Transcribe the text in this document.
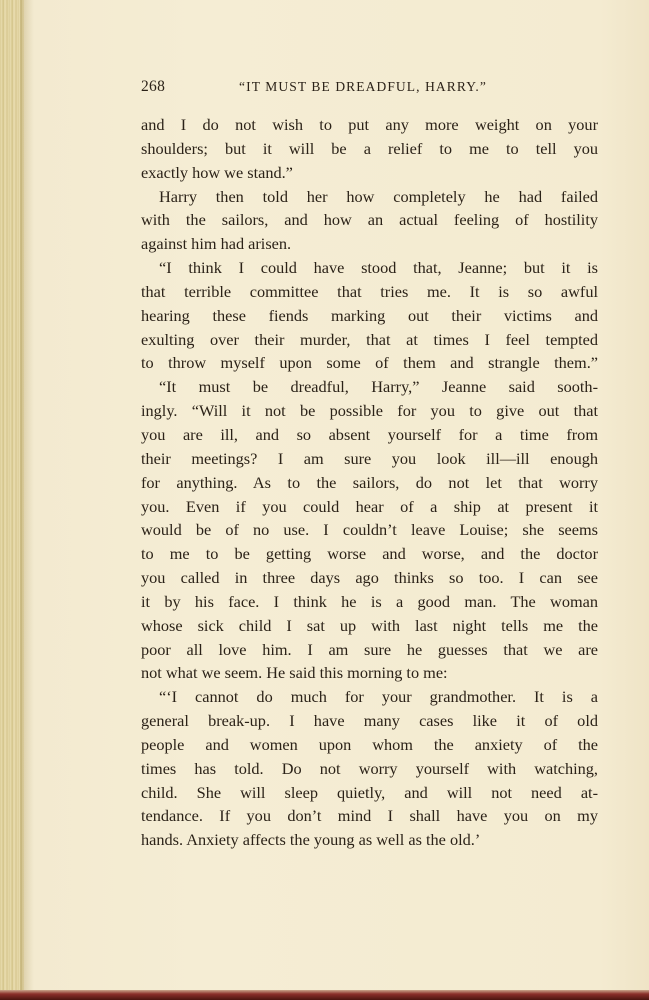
268	“IT MUST BE DREADFUL, HARRY.”
and I do not wish to put any more weight on your
shoulders; but it will be a relief to me to tell you
exactly how we stand.”
Harry then told her how completely he had failed
with the sailors, and how an actual feeling of hostility
against him had arisen.
“I think I could have stood that, Jeanne; but it is
that terrible committee that tries me. It is so awful
hearing these fiends marking out their victims and
exulting over their murder, that at times I feel tempted
to throw myself upon some of them and strangle them.”
“It must be dreadful, Harry,” Jeanne said sooth-
ingly. “Will it not be possible for you to give out that
you are ill, and so absent yourself for a time from
their meetings? I am sure you look ill—ill enough
for anything. As to the sailors, do not let that worry
you. Even if you could hear of a ship at present it
would be of no use. I couldn’t leave Louise; she seems
to me to be getting worse and worse, and the doctor
you called in three days ago thinks so too. I can see
it by his face. I think he is a good man. The woman
whose sick child I sat up with last night tells me the
poor all love him. I am sure he guesses that we are
not what we seem. He said this morning to me:
“‘I cannot do much for your grandmother. It is a
general break-up. I have many cases like it of old
people and women upon whom the anxiety of the
times has told. Do not worry yourself with watching,
child. She will sleep quietly, and will not need at-
tendance. If you don’t mind I shall have you on my
hands. Anxiety affects the young as well as the old.’
